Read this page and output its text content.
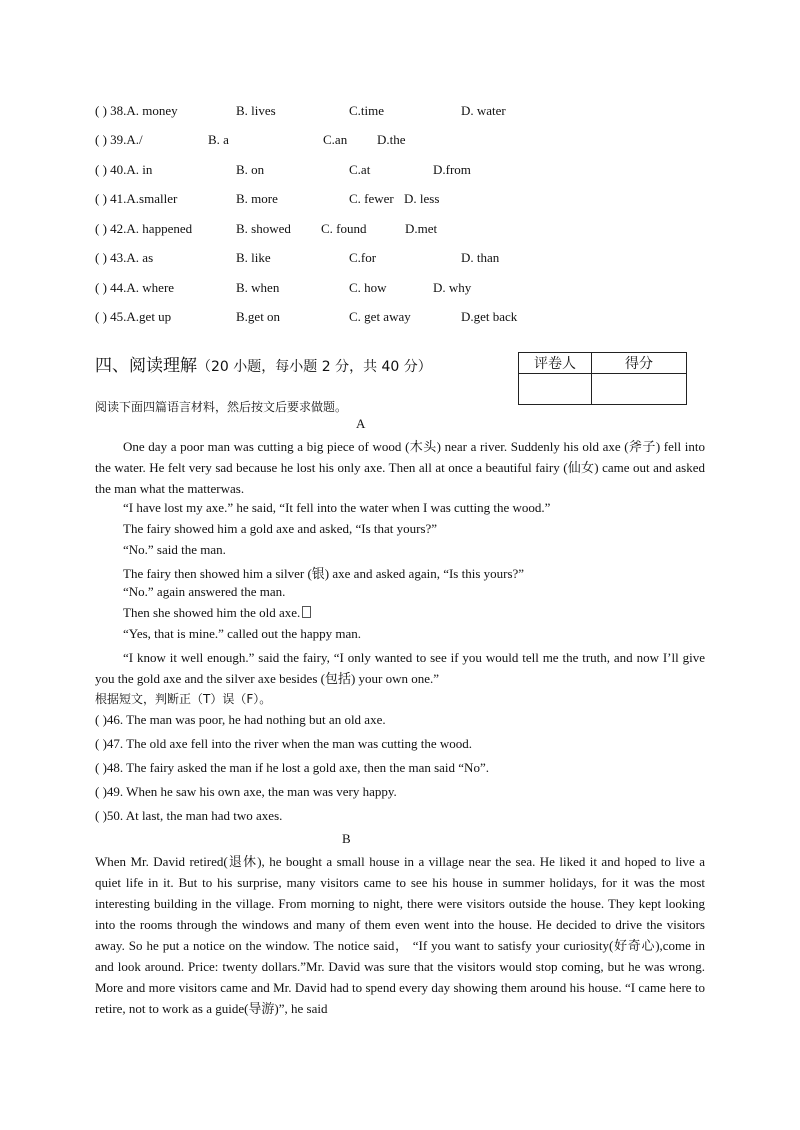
( ) 38.A. money	B. lives	C.time	D. water
( ) 39.A./	B. a	C.an D.the
( ) 40.A. in	B. on	C.at	D.from
( ) 41.A.smaller	B. more	C. fewer D. less
( ) 42.A. happened	B. showed C. found	D.met
( ) 43.A. as	B. like	C.for	D. than
( ) 44.A. where	B. when	C. how	D. why
( ) 45.A.get up	B.get on	C. get away	D.get back
四、阅读理解（20 小题，每小题 2 分，共 40 分）	评卷人	得分

阅读下面四篇语言材料，然后按文后要求做题。
A
One day a poor man was cutting a big piece of wood (木头) near a river. Suddenly his old axe (斧子) fell into the water. He felt very sad because he lost his only axe. Then all at once a beautiful fairy (仙女) came out and asked the man what the matterwas.
“I have lost my axe.” he said, “It fell into the water when I was cutting the wood.”
The fairy showed him a gold axe and asked, “Is that yours?”
“No.” said the man.
The fairy then showed him a silver (银) axe and asked again, “Is this yours?”
“No.” again answered the man.
Then she showed him the old axe.
“Yes, that is mine.” called out the happy man.
“I know it well enough.” said the fairy, “I only wanted to see if you would tell me the truth, and now I’ll give you the gold axe and the silver axe besides (包括) your own one.”
根据短文，判断正（T）误（F）。
( )46. The man was poor, he had nothing but an old axe.
( )47. The old axe fell into the river when the man was cutting the wood.
( )48. The fairy asked the man if he lost a gold axe, then the man said “No”.
( )49. When he saw his own axe, the man was very happy.
( )50. At last, the man had two axes.
B
When Mr. David retired(退休), he bought a small house in a village near the sea. He liked it and hoped to live a quiet life in it. But to his surprise, many visitors came to see his house in summer holidays, for it was the most interesting building in the village. From morning to night, there were visitors outside the house. They kept looking into the rooms through the windows and many of them even went into the house. He decided to drive the visitors away. So he put a notice on the window. The notice said， “If you want to satisfy your curiosity(好奇心),come in and look around. Price: twenty dollars.”Mr. David was sure that the visitors would stop coming, but he was wrong. More and more visitors came and Mr. David had to spend every day showing them around his house. “I came here to retire, not to work as a guide(导游)”, he said
